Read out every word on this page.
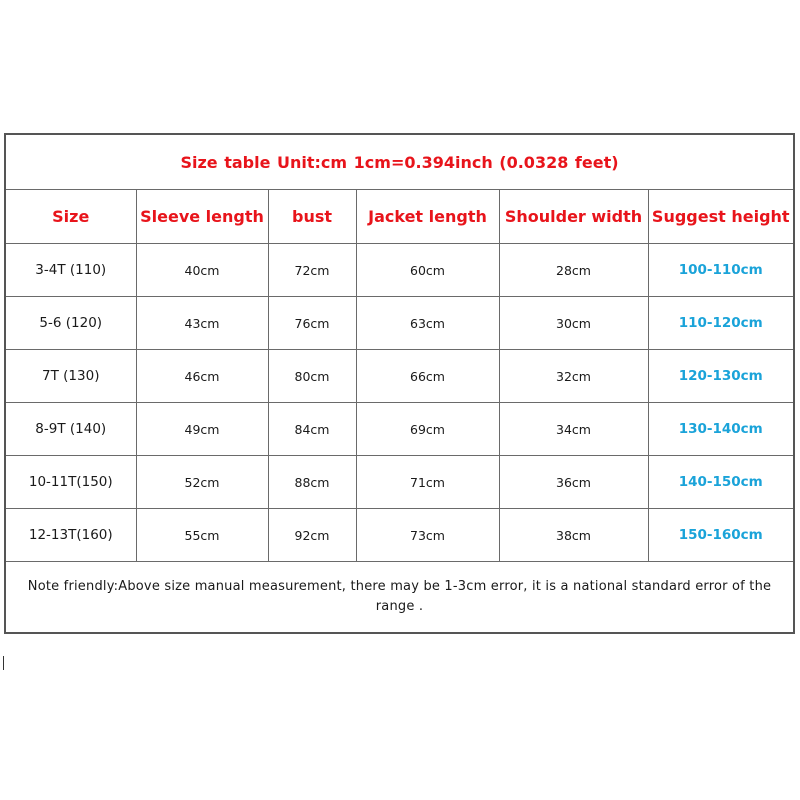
Size table Unit:cm 1cm=0.394inch (0.0328 feet)					
Size	Sleeve length	bust	Jacket length	Shoulder width	Suggest height
3-4T (110)	40cm	72cm	60cm	28cm	100-110cm
5-6 (120)	43cm	76cm	63cm	30cm	110-120cm
7T (130)	46cm	80cm	66cm	32cm	120-130cm
8-9T (140)	49cm	84cm	69cm	34cm	130-140cm
10-11T(150)	52cm	88cm	71cm	36cm	140-150cm
12-13T(160)	55cm	92cm	73cm	38cm	150-160cm
Note friendly:Above size manual measurement, there may be 1-3cm error, it is a national standard error of the range .					
